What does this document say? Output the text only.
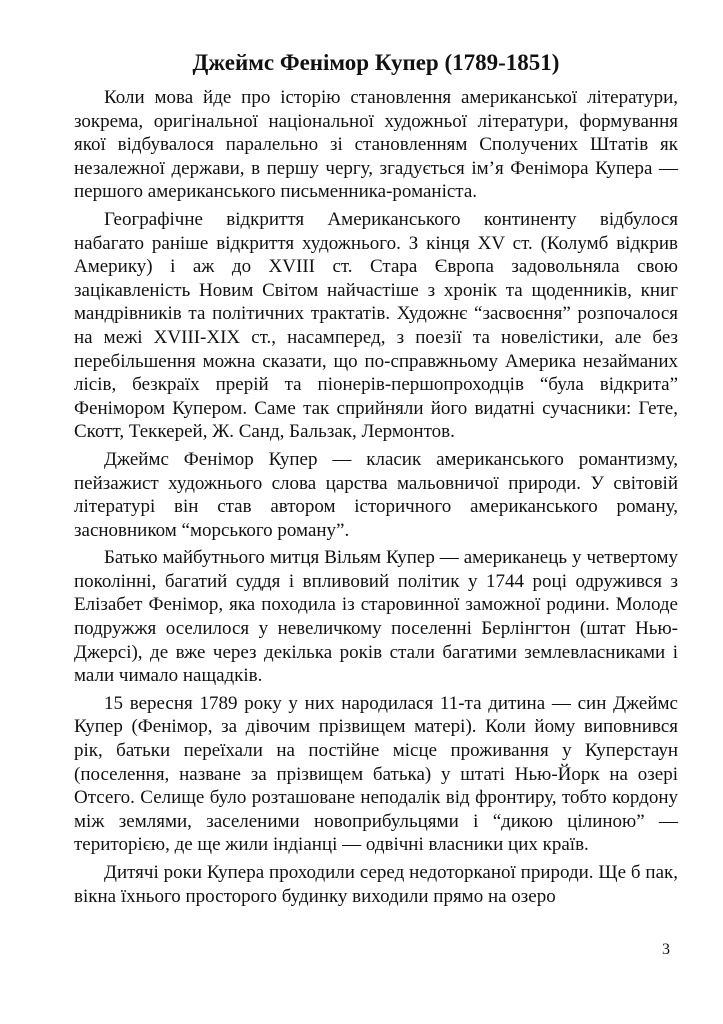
Джеймс Фенімор Купер (1789-1851)

Коли мова йде про історію становлення американської літератури, зокрема, оригінальної національної художньої літератури, формування якої відбувалося паралельно зі становленням Сполучених Штатів як незалежної держави, в першу чергу, згадується ім’я Фенімора Купера — першого американського письменника-романіста.

Географічне відкриття Американського континенту відбулося набагато раніше відкриття художнього. З кінця XV ст. (Колумб відкрив Америку) і аж до XVIII ст. Стара Європа задовольняла свою зацікавленість Новим Світом найчастіше з хронік та щоденників, книг мандрівників та політичних трактатів. Художнє “засвоєння” розпочалося на межі XVIII-XIX ст., насамперед, з поезії та новелістики, але без перебільшення можна сказати, що по-справжньому Америка незайманих лісів, безкраїх прерій та піонерів-першопроходців “була відкрита” Фенімором Купером. Саме так сприйняли його видатні сучасники: Гете, Скотт, Теккерей, Ж. Санд, Бальзак, Лермонтов.

Джеймс Фенімор Купер — класик американського романтизму, пейзажист художнього слова царства мальовничої природи. У світовій літературі він став автором історичного американського роману, засновником “морського роману”.

Батько майбутнього митця Вільям Купер — американець у четвертому поколінні, багатий суддя і впливовий політик у 1744 році одружився з Елізабет Фенімор, яка походила із старовинної заможної родини. Молоде подружжя оселилося у невеличкому поселенні Берлінгтон (штат Нью-Джерсі), де вже через декілька років стали багатими землевласниками і мали чимало нащадків.

15 вересня 1789 року у них народилася 11-та дитина — син Джеймс Купер (Фенімор, за дівочим прізвищем матері). Коли йому виповнився рік, батьки переїхали на постійне місце проживання у Куперстаун (поселення, назване за прізвищем батька) у штаті Нью-Йорк на озері Отсего. Селище було розташоване неподалік від фронтиру, тобто кордону між землями, заселеними новоприбульцями і “дикою цілиною” — територією, де ще жили індіанці — одвічні власники цих країв.

Дитячі роки Купера проходили серед недоторканої природи. Ще б пак, вікна їхнього просторого будинку виходили прямо на озеро

3
